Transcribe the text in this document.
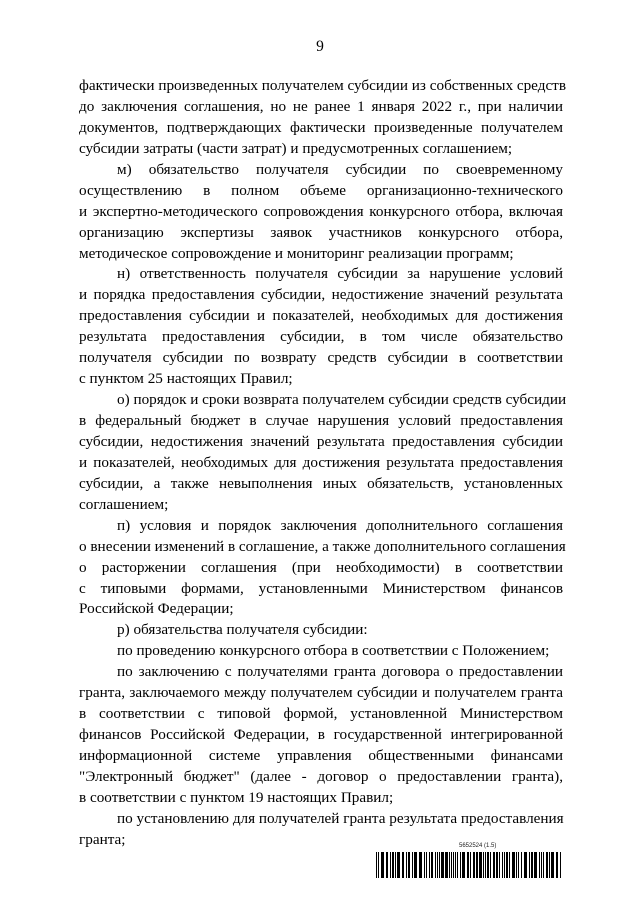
9
фактически произведенных получателем субсидии из собственных средств
до заключения соглашения, но не ранее 1 января 2022 г., при наличии
документов, подтверждающих фактически произведенные получателем
субсидии затраты (части затрат) и предусмотренных соглашением;
м) обязательство получателя субсидии по своевременному
осуществлению в полном объеме организационно-технического
и экспертно-методического сопровождения конкурсного отбора, включая
организацию экспертизы заявок участников конкурсного отбора,
методическое сопровождение и мониторинг реализации программ;
н) ответственность получателя субсидии за нарушение условий
и порядка предоставления субсидии, недостижение значений результата
предоставления субсидии и показателей, необходимых для достижения
результата предоставления субсидии, в том числе обязательство
получателя субсидии по возврату средств субсидии в соответствии
с пунктом 25 настоящих Правил;
о) порядок и сроки возврата получателем субсидии средств субсидии
в федеральный бюджет в случае нарушения условий предоставления
субсидии, недостижения значений результата предоставления субсидии
и показателей, необходимых для достижения результата предоставления
субсидии, а также невыполнения иных обязательств, установленных
соглашением;
п) условия и порядок заключения дополнительного соглашения
о внесении изменений в соглашение, а также дополнительного соглашения
о расторжении соглашения (при необходимости) в соответствии
с типовыми формами, установленными Министерством финансов
Российской Федерации;
р) обязательства получателя субсидии:
по проведению конкурсного отбора в соответствии с Положением;
по заключению с получателями гранта договора о предоставлении
гранта, заключаемого между получателем субсидии и получателем гранта
в соответствии с типовой формой, установленной Министерством
финансов Российской Федерации, в государственной интегрированной
информационной системе управления общественными финансами
"Электронный бюджет" (далее - договор о предоставлении гранта),
в соответствии с пунктом 19 настоящих Правил;
по установлению для получателей гранта результата предоставления
гранта;	5652524 (1.5)
